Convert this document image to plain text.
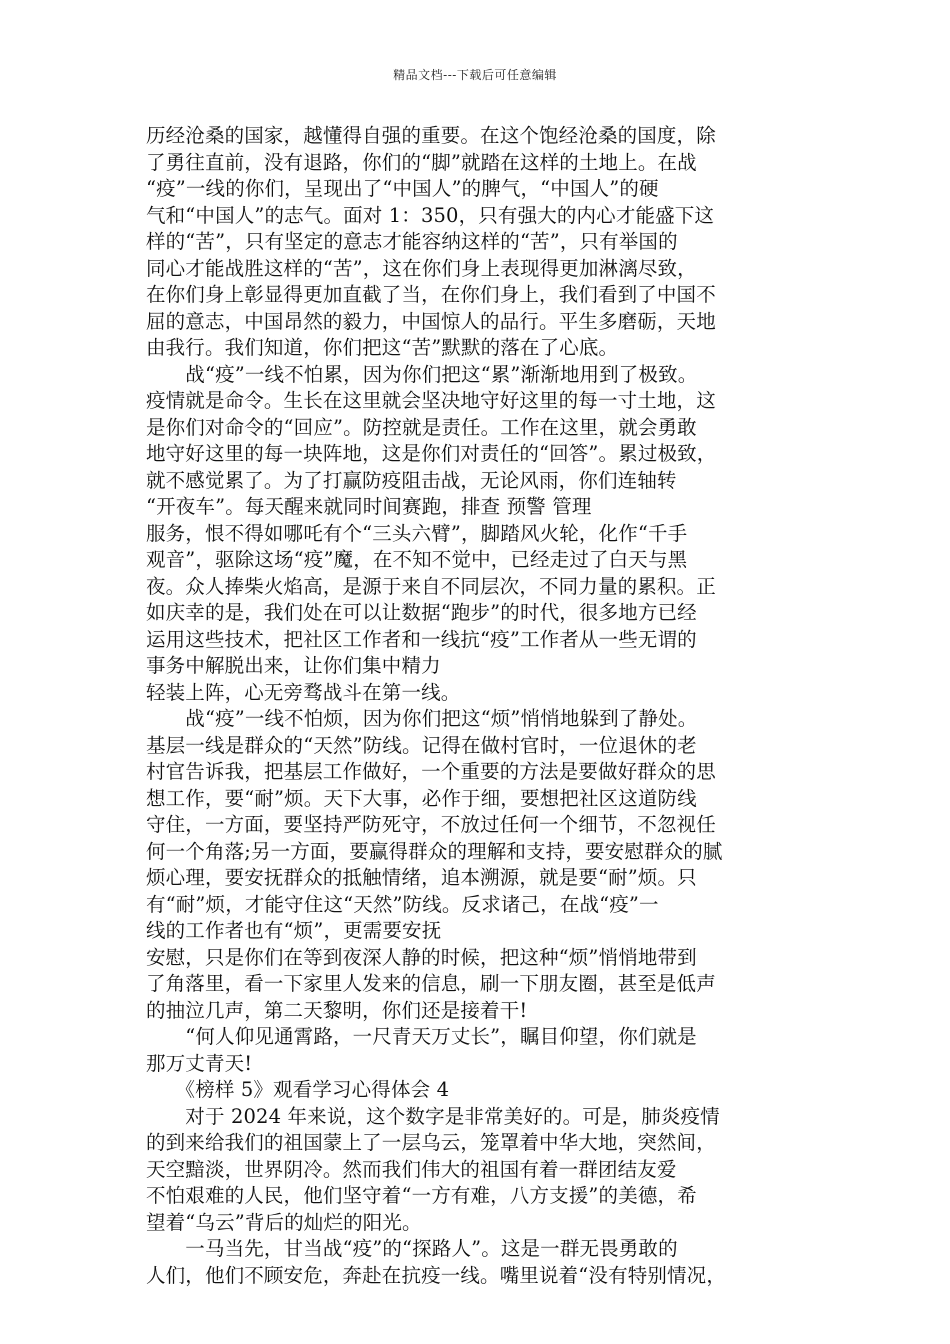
精品文档---下载后可任意编辑
历经沧桑的国家，越懂得自强的重要。在这个饱经沧桑的国度，除
了勇往直前，没有退路，你们的“脚”就踏在这样的土地上。在战
“疫”一线的你们，呈现出了“中国人”的脾气，“中国人”的硬
气和“中国人”的志气。面对 1：350，只有强大的内心才能盛下这
样的“苦”，只有坚定的意志才能容纳这样的“苦”，只有举国的
同心才能战胜这样的“苦”，这在你们身上表现得更加淋漓尽致，
在你们身上彰显得更加直截了当，在你们身上，我们看到了中国不
屈的意志，中国昂然的毅力，中国惊人的品行。平生多磨砺，天地
由我行。我们知道，你们把这“苦”默默的落在了心底。
　　战“疫”一线不怕累，因为你们把这“累”渐渐地用到了极致。
疫情就是命令。生长在这里就会坚决地守好这里的每一寸土地，这
是你们对命令的“回应”。防控就是责任。工作在这里，就会勇敢
地守好这里的每一块阵地，这是你们对责任的“回答”。累过极致，
就不感觉累了。为了打赢防疫阻击战，无论风雨，你们连轴转
“开夜车”。每天醒来就同时间赛跑，排查 预警 管理
服务，恨不得如哪吒有个“三头六臂”，脚踏风火轮，化作“千手
观音”，驱除这场“疫”魔，在不知不觉中，已经走过了白天与黑
夜。众人捧柴火焰高，是源于来自不同层次，不同力量的累积。正
如庆幸的是，我们处在可以让数据“跑步”的时代，很多地方已经
运用这些技术，把社区工作者和一线抗“疫”工作者从一些无谓的
事务中解脱出来，让你们集中精力
轻装上阵，心无旁骛战斗在第一线。
　　战“疫”一线不怕烦，因为你们把这“烦”悄悄地躲到了静处。
基层一线是群众的“天然”防线。记得在做村官时，一位退休的老
村官告诉我，把基层工作做好，一个重要的方法是要做好群众的思
想工作，要“耐”烦。天下大事，必作于细，要想把社区这道防线
守住，一方面，要坚持严防死守，不放过任何一个细节，不忽视任
何一个角落;另一方面，要赢得群众的理解和支持，要安慰群众的腻
烦心理，要安抚群众的抵触情绪，追本溯源，就是要“耐”烦。只
有“耐”烦，才能守住这“天然”防线。反求诸己，在战“疫”一
线的工作者也有“烦”，更需要安抚
安慰，只是你们在等到夜深人静的时候，把这种“烦”悄悄地带到
了角落里，看一下家里人发来的信息，刷一下朋友圈，甚至是低声
的抽泣几声，第二天黎明，你们还是接着干!
　　“何人仰见通霄路，一尺青天万丈长”，瞩目仰望，你们就是
那万丈青天!
　　《榜样 5》观看学习心得体会 4
　　对于 2024 年来说，这个数字是非常美好的。可是，肺炎疫情
的到来给我们的祖国蒙上了一层乌云，笼罩着中华大地，突然间，
天空黯淡，世界阴冷。然而我们伟大的祖国有着一群团结友爱
不怕艰难的人民，他们坚守着“一方有难，八方支援”的美德，希
望着“乌云”背后的灿烂的阳光。
　　一马当先，甘当战“疫”的“探路人”。这是一群无畏勇敢的
人们，他们不顾安危，奔赴在抗疫一线。嘴里说着“没有特别情况，
